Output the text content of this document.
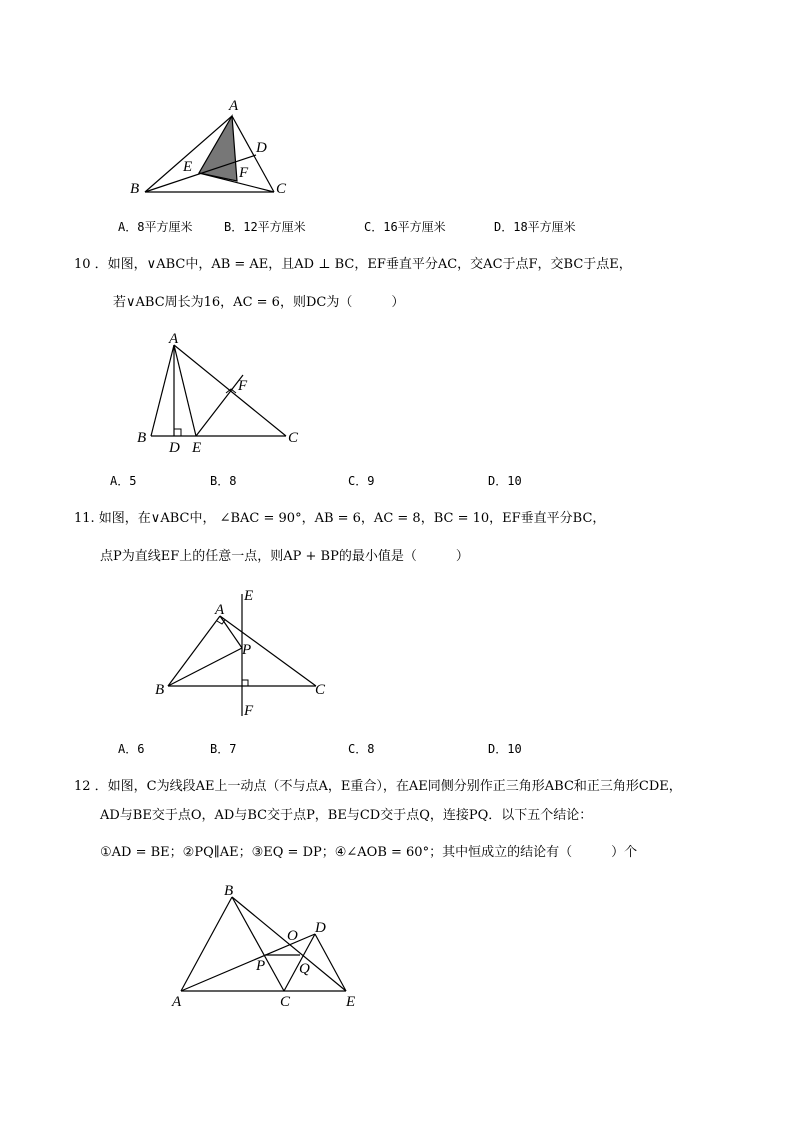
A
D
E	F
B	C
A．8平方厘米	B．12平方厘米	C．16平方厘米	D．18平方厘米
10 ．如图，∨ABC中，AB = AE，且AD ⊥ BC，EF垂直平分AC，交AC于点F，交BC于点E，
若∨ABC周长为16，AC = 6，则DC为（　　　）
A
F
B
D E
C
A．5	B．8	C．9	D．10
11. 如图，在∨ABC中， ∠BAC = 90°，AB = 6，AC = 8，BC = 10，EF垂直平分BC，
点P为直线EF上的任意一点，则AP + BP的最小值是（　　　）
E
A
P
B	C
F
A．6	B．7	C．8	D．10
12 ．如图，C为线段AE上一动点（不与点A，E重合），在AE同侧分别作正三角形ABC和正三角形CDE，
AD与BE交于点O，AD与BC交于点P，BE与CD交于点Q，连接PQ．以下五个结论：
①AD = BE；②PQ∥AE；③EQ = DP；④∠AOB = 60°；其中恒成立的结论有（　　　）个
B
D
O
P Q
A	C	E
